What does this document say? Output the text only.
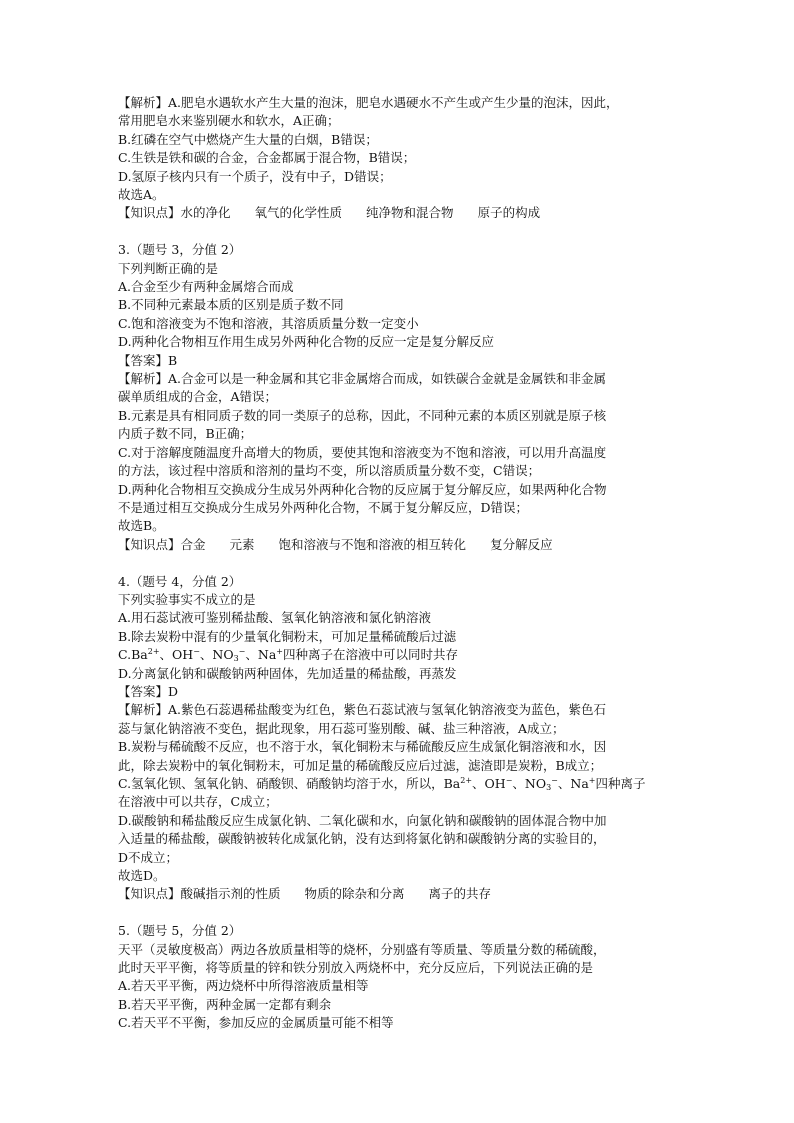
【解析】A.肥皂水遇软水产生大量的泡沫，肥皂水遇硬水不产生或产生少量的泡沫，因此，
常用肥皂水来鉴别硬水和软水，A正确；
B.红磷在空气中燃烧产生大量的白烟，B错误；
C.生铁是铁和碳的合金，合金都属于混合物，B错误；
D.氢原子核内只有一个质子，没有中子，D错误；
故选A。
【知识点】水的净化 氧气的化学性质 纯净物和混合物 原子的构成
3.（题号 3，分值 2）
下列判断正确的是
A.合金至少有两种金属熔合而成
B.不同种元素最本质的区别是质子数不同
C.饱和溶液变为不饱和溶液，其溶质质量分数一定变小
D.两种化合物相互作用生成另外两种化合物的反应一定是复分解反应
【答案】B
【解析】A.合金可以是一种金属和其它非金属熔合而成，如铁碳合金就是金属铁和非金属
碳单质组成的合金，A错误；
B.元素是具有相同质子数的同一类原子的总称，因此，不同种元素的本质区别就是原子核
内质子数不同，B正确；
C.对于溶解度随温度升高增大的物质，要使其饱和溶液变为不饱和溶液，可以用升高温度
的方法，该过程中溶质和溶剂的量均不变，所以溶质质量分数不变，C错误；
D.两种化合物相互交换成分生成另外两种化合物的反应属于复分解反应，如果两种化合物
不是通过相互交换成分生成另外两种化合物，不属于复分解反应，D错误；
故选B。
【知识点】合金 元素 饱和溶液与不饱和溶液的相互转化 复分解反应
4.（题号 4，分值 2）
下列实验事实不成立的是
A.用石蕊试液可鉴别稀盐酸、氢氧化钠溶液和氯化钠溶液
B.除去炭粉中混有的少量氧化铜粉末，可加足量稀硫酸后过滤
$C.Ba^{2+}$、OH−、$NO_3^-$、Na+四种离子在溶液中可以同时共存
D.分离氯化钠和碳酸钠两种固体，先加适量的稀盐酸，再蒸发
【答案】D
【解析】A.紫色石蕊遇稀盐酸变为红色，紫色石蕊试液与氢氧化钠溶液变为蓝色，紫色石
蕊与氯化钠溶液不变色，据此现象，用石蕊可鉴别酸、碱、盐三种溶液，A成立；
B.炭粉与稀硫酸不反应，也不溶于水，氧化铜粉末与稀硫酸反应生成氯化铜溶液和水，因
此，除去炭粉中的氧化铜粉末，可加足量的稀硫酸反应后过滤，滤渣即是炭粉，B成立；
C.氢氧化钡、氢氧化钠、硝酸钡、硝酸钠均溶于水，所以，$Ba^{2+}$、OH−、$NO_3^-$、Na+四种离子
在溶液中可以共存，C成立；
D.碳酸钠和稀盐酸反应生成氯化钠、二氧化碳和水，向氯化钠和碳酸钠的固体混合物中加
入适量的稀盐酸，碳酸钠被转化成氯化钠，没有达到将氯化钠和碳酸钠分离的实验目的，
D不成立；
故选D。
【知识点】酸碱指示剂的性质 物质的除杂和分离 离子的共存
5.（题号 5，分值 2）
天平（灵敏度极高）两边各放质量相等的烧杯，分别盛有等质量、等质量分数的稀硫酸，
此时天平平衡，将等质量的锌和铁分别放入两烧杯中，充分反应后，下列说法正确的是
A.若天平平衡，两边烧杯中所得溶液质量相等
B.若天平平衡，两种金属一定都有剩余
C.若天平不平衡，参加反应的金属质量可能不相等
